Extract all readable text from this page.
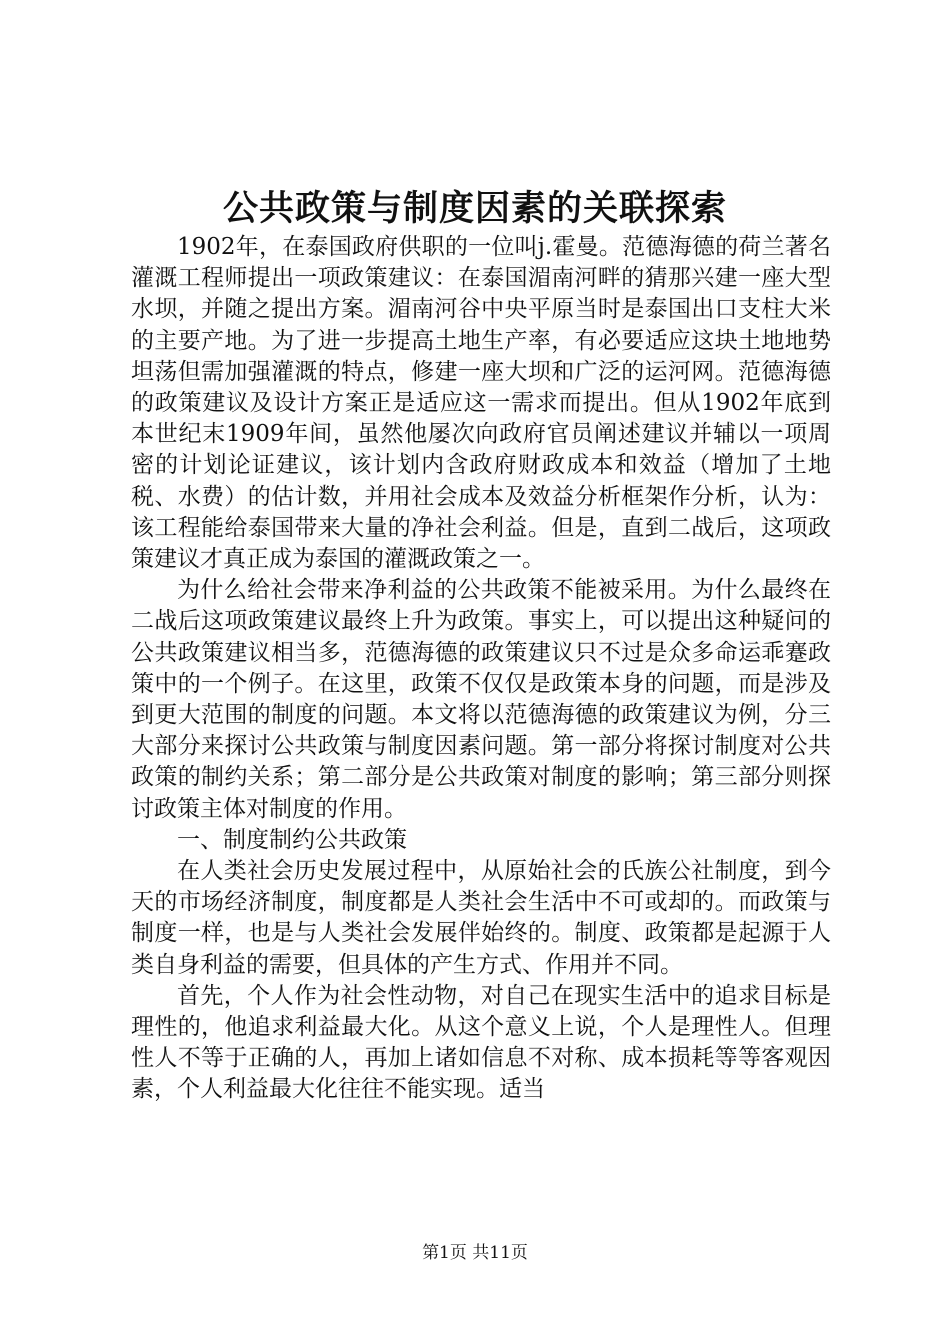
公共政策与制度因素的关联探索

1902年，在泰国政府供职的一位叫j.霍曼。范德海德的荷兰著名灌溉工程师提出一项政策建议：在泰国湄南河畔的猜那兴建一座大型水坝，并随之提出方案。湄南河谷中央平原当时是泰国出口支柱大米的主要产地。为了进一步提高土地生产率，有必要适应这块土地地势坦荡但需加强灌溉的特点，修建一座大坝和广泛的运河网。范德海德的政策建议及设计方案正是适应这一需求而提出。但从1902年底到本世纪末1909年间，虽然他屡次向政府官员阐述建议并辅以一项周密的计划论证建议，该计划内含政府财政成本和效益（增加了土地税、水费）的估计数，并用社会成本及效益分析框架作分析，认为：该工程能给泰国带来大量的净社会利益。但是，直到二战后，这项政策建议才真正成为泰国的灌溉政策之一。

为什么给社会带来净利益的公共政策不能被采用。为什么最终在二战后这项政策建议最终上升为政策。事实上，可以提出这种疑问的公共政策建议相当多，范德海德的政策建议只不过是众多命运乖蹇政策中的一个例子。在这里，政策不仅仅是政策本身的问题，而是涉及到更大范围的制度的问题。本文将以范德海德的政策建议为例，分三大部分来探讨公共政策与制度因素问题。第一部分将探讨制度对公共政策的制约关系；第二部分是公共政策对制度的影响；第三部分则探讨政策主体对制度的作用。

一、制度制约公共政策

在人类社会历史发展过程中，从原始社会的氏族公社制度，到今天的市场经济制度，制度都是人类社会生活中不可或却的。而政策与制度一样，也是与人类社会发展伴始终的。制度、政策都是起源于人类自身利益的需要，但具体的产生方式、作用并不同。

首先，个人作为社会性动物，对自己在现实生活中的追求目标是理性的，他追求利益最大化。从这个意义上说，个人是理性人。但理性人不等于正确的人，再加上诸如信息不对称、成本损耗等等客观因素，个人利益最大化往往不能实现。适当

第1页 共11页
